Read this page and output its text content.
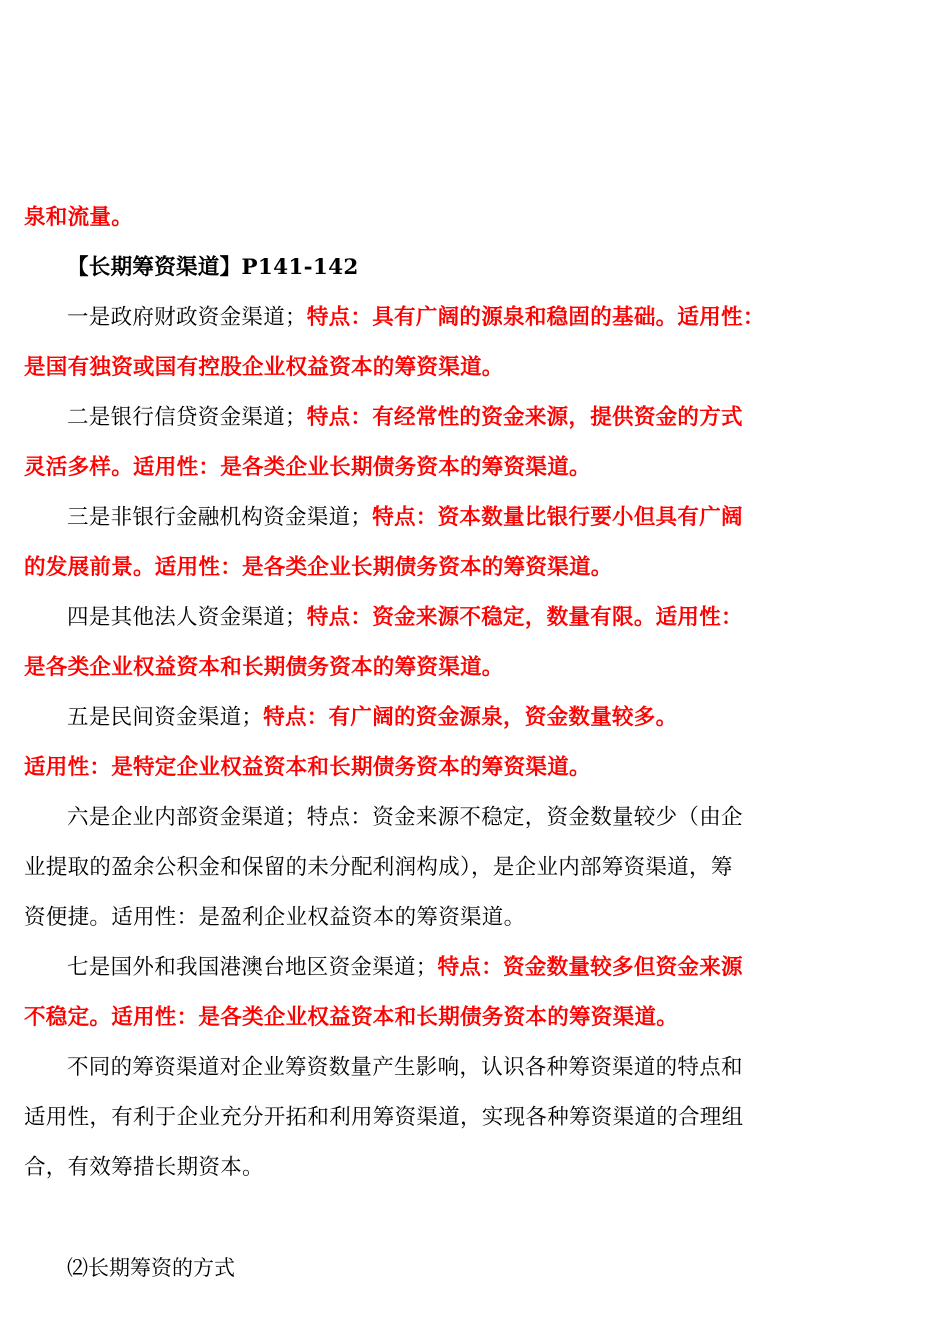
泉和流量。
【长期筹资渠道】P141-142
一是政府财政资金渠道；特点：具有广阔的源泉和稳固的基础。适用性：
是国有独资或国有控股企业权益资本的筹资渠道。
二是银行信贷资金渠道；特点：有经常性的资金来源，提供资金的方式
灵活多样。适用性：是各类企业长期债务资本的筹资渠道。
三是非银行金融机构资金渠道；特点：资本数量比银行要小但具有广阔
的发展前景。适用性：是各类企业长期债务资本的筹资渠道。
四是其他法人资金渠道；特点：资金来源不稳定，数量有限。适用性：
是各类企业权益资本和长期债务资本的筹资渠道。
五是民间资金渠道；特点：有广阔的资金源泉，资金数量较多。
适用性：是特定企业权益资本和长期债务资本的筹资渠道。
六是企业内部资金渠道；特点：资金来源不稳定，资金数量较少（由企
业提取的盈余公积金和保留的未分配利润构成），是企业内部筹资渠道，筹
资便捷。适用性：是盈利企业权益资本的筹资渠道。
七是国外和我国港澳台地区资金渠道；特点：资金数量较多但资金来源
不稳定。适用性：是各类企业权益资本和长期债务资本的筹资渠道。
不同的筹资渠道对企业筹资数量产生影响，认识各种筹资渠道的特点和
适用性，有利于企业充分开拓和利用筹资渠道，实现各种筹资渠道的合理组
合，有效筹措长期资本。
⑵长期筹资的方式
